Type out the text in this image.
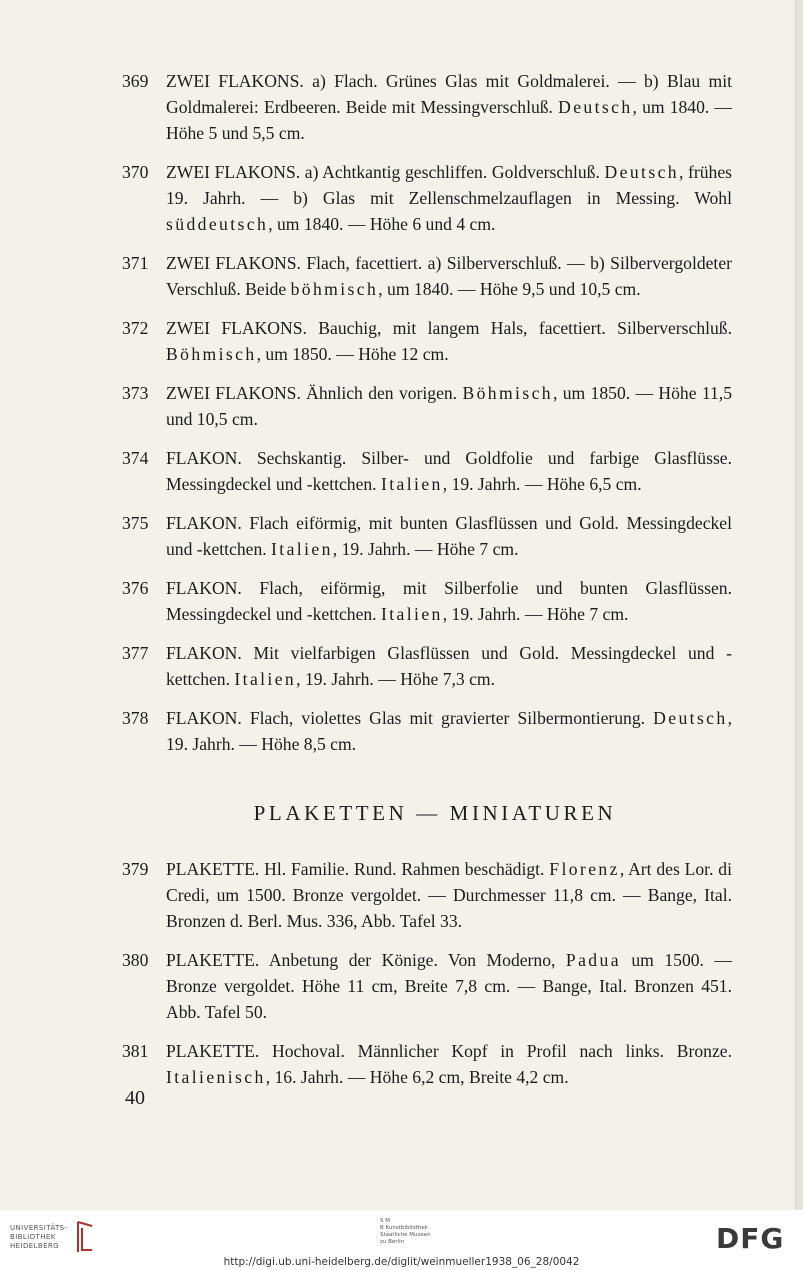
369	ZWEI FLAKONS. a) Flach. Grünes Glas mit Goldmalerei. — b) Blau mit Goldmalerei: Erdbeeren. Beide mit Messingverschluß. Deutsch, um 1840. — Höhe 5 und 5,5 cm.
370	ZWEI FLAKONS. a) Achtkantig geschliffen. Goldverschluß. Deutsch, frühes 19. Jahrh. — b) Glas mit Zellenschmelzauflagen in Messing. Wohl süddeutsch, um 1840. — Höhe 6 und 4 cm.
371	ZWEI FLAKONS. Flach, facettiert. a) Silberverschluß. — b) Silbervergoldeter Verschluß. Beide böhmisch, um 1840. — Höhe 9,5 und 10,5 cm.
372	ZWEI FLAKONS. Bauchig, mit langem Hals, facettiert. Silberverschluß. Böhmisch, um 1850. — Höhe 12 cm.
373	ZWEI FLAKONS. Ähnlich den vorigen. Böhmisch, um 1850. — Höhe 11,5 und 10,5 cm.
374	FLAKON. Sechskantig. Silber- und Goldfolie und farbige Glasflüsse. Messingdeckel und -kettchen. Italien, 19. Jahrh. — Höhe 6,5 cm.
375	FLAKON. Flach eiförmig, mit bunten Glasflüssen und Gold. Messingdeckel und -kettchen. Italien, 19. Jahrh. — Höhe 7 cm.
376	FLAKON. Flach, eiförmig, mit Silberfolie und bunten Glasflüssen. Messingdeckel und -kettchen. Italien, 19. Jahrh. — Höhe 7 cm.
377	FLAKON. Mit vielfarbigen Glasflüssen und Gold. Messingdeckel und -kettchen. Italien, 19. Jahrh. — Höhe 7,3 cm.
378	FLAKON. Flach, violettes Glas mit gravierter Silbermontierung. Deutsch, 19. Jahrh. — Höhe 8,5 cm.
PLAKETTEN — MINIATUREN
379	PLAKETTE. Hl. Familie. Rund. Rahmen beschädigt. Florenz, Art des Lor. di Credi, um 1500. Bronze vergoldet. — Durchmesser 11,8 cm. — Bange, Ital. Bronzen d. Berl. Mus. 336, Abb. Tafel 33.
380	PLAKETTE. Anbetung der Könige. Von Moderno, Padua um 1500. — Bronze vergoldet. Höhe 11 cm, Breite 7,8 cm. — Bange, Ital. Bronzen 451. Abb. Tafel 50.
381	PLAKETTE. Hochoval. Männlicher Kopf in Profil nach links. Bronze. Italienisch, 16. Jahrh. — Höhe 6,2 cm, Breite 4,2 cm.
40
UNIVERSITÄTS-
BIBLIOTHEK
HEIDELBERG
S M
B Kunstbibliothek
Staatliche Museen
zu Berlin	DFG
http://digi.ub.uni-heidelberg.de/diglit/weinmueller1938_06_28/0042
